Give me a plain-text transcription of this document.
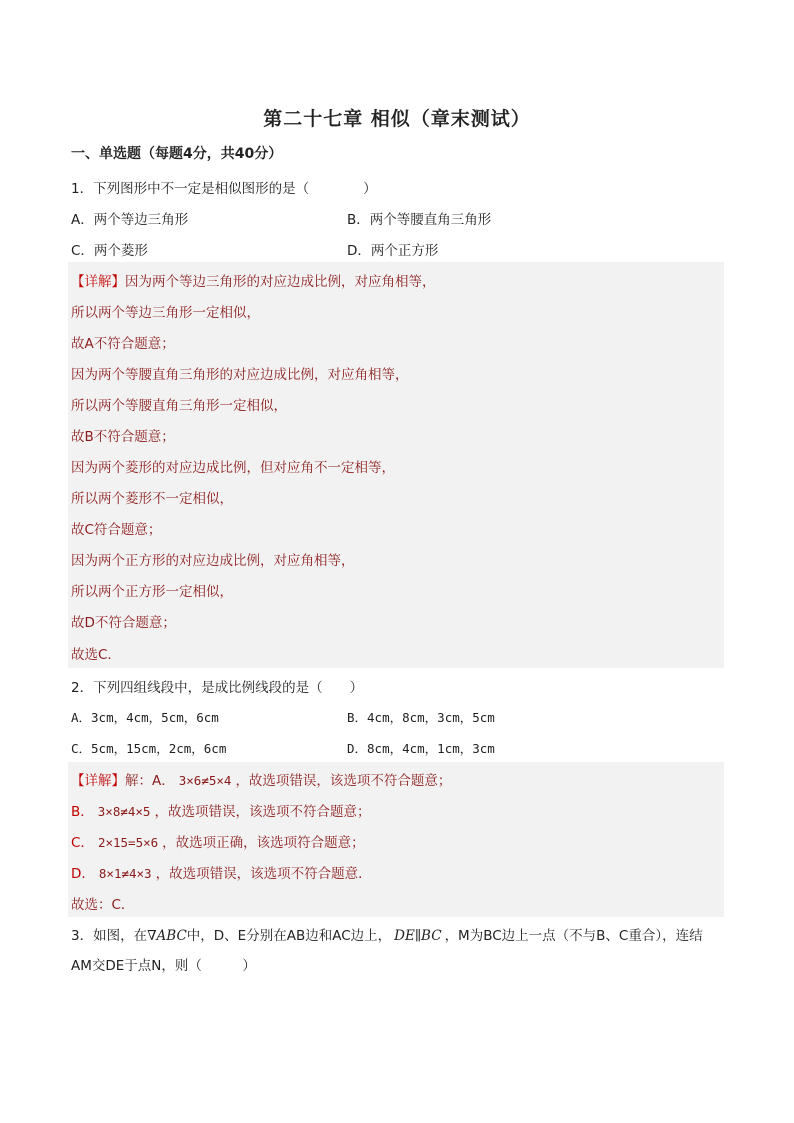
第二十七章 相似（章末测试）
一、单选题（每题4分，共40分）
1．下列图形中不一定是相似图形的是（　　　　）
A．两个等边三角形	B．两个等腰直角三角形
C．两个菱形	D．两个正方形
【详解】因为两个等边三角形的对应边成比例，对应角相等，
所以两个等边三角形一定相似，
故A不符合题意；
因为两个等腰直角三角形的对应边成比例，对应角相等，
所以两个等腰直角三角形一定相似，
故B不符合题意；
因为两个菱形的对应边成比例，但对应角不一定相等，
所以两个菱形不一定相似，
故C符合题意；
因为两个正方形的对应边成比例，对应角相等，
所以两个正方形一定相似，
故D不符合题意；
故选C．
2．下列四组线段中，是成比例线段的是（　　）
A．3cm，4cm，5cm，6cm	B．4cm，8cm，3cm，5cm
C．5cm，15cm，2cm，6cm	D．8cm，4cm，1cm，3cm
【详解】解：A． 3×6≠5×4 ，故选项错误，该选项不符合题意；
B． 3×8≠4×5 ，故选项错误，该选项不符合题意；
C． 2×15=5×6 ，故选项正确，该选项符合题意；
D． 8×1≠4×3 ，故选项错误，该选项不符合题意．
故选：C．
3．如图，在∇ABC中，D、E分别在AB边和AC边上， DE∥BC ，M为BC边上一点（不与B、C重合），连结AM交DE于点N，则（　　　）
